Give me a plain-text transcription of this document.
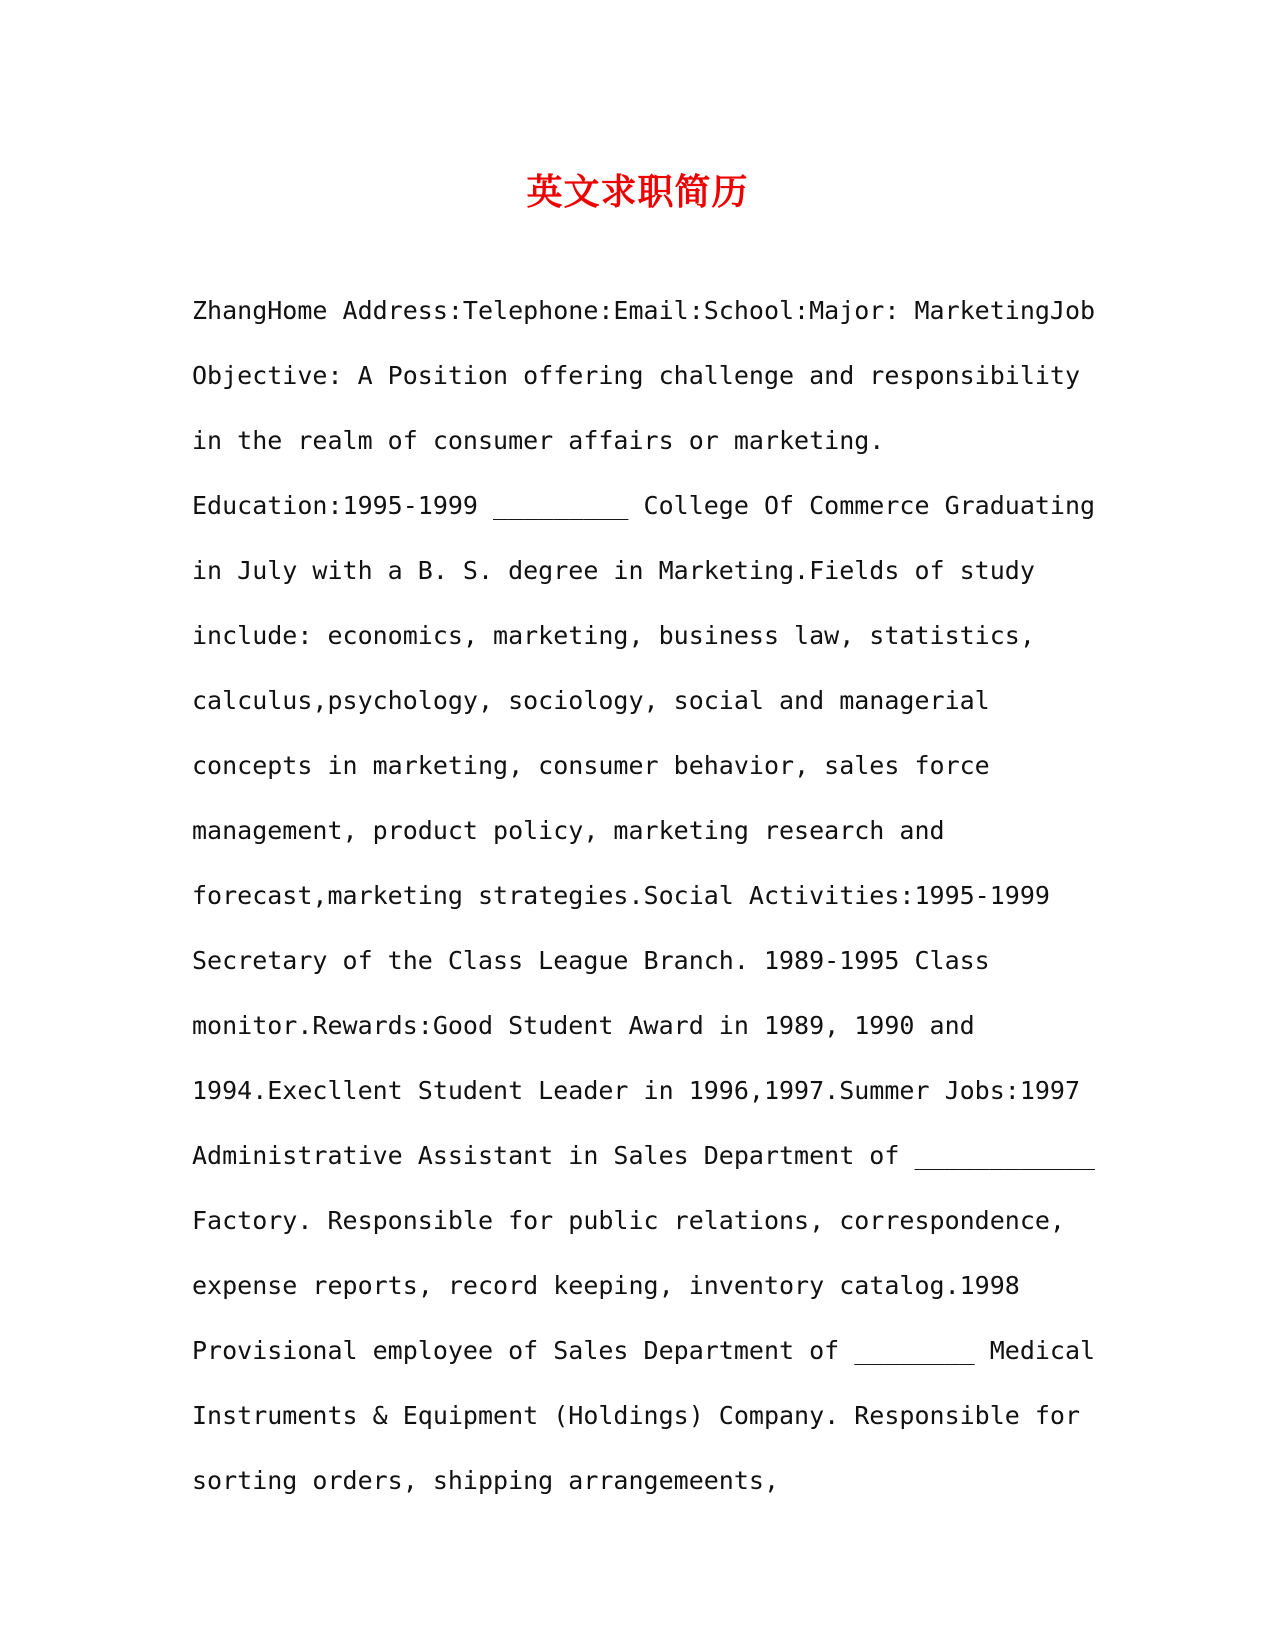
英文求职简历
ZhangHome Address:Telephone:Email:School:Major: MarketingJob
Objective: A Position offering challenge and responsibility
in the realm of consumer affairs or marketing.
Education:1995-1999 _________ College Of Commerce Graduating
in July with a B. S. degree in Marketing.Fields of study
include: economics, marketing, business law, statistics,
calculus,psychology, sociology, social and managerial
concepts in marketing, consumer behavior, sales force
management, product policy, marketing research and
forecast,marketing strategies.Social Activities:1995-1999
Secretary of the Class League Branch. 1989-1995 Class
monitor.Rewards:Good Student Award in 1989, 1990 and
1994.Execllent Student Leader in 1996,1997.Summer Jobs:1997
Administrative Assistant in Sales Department of ____________
Factory. Responsible for public relations, correspondence,
expense reports, record keeping, inventory catalog.1998
Provisional employee of Sales Department of ________ Medical
Instruments & Equipment (Holdings) Company. Responsible for
sorting orders, shipping arrangemeents,
